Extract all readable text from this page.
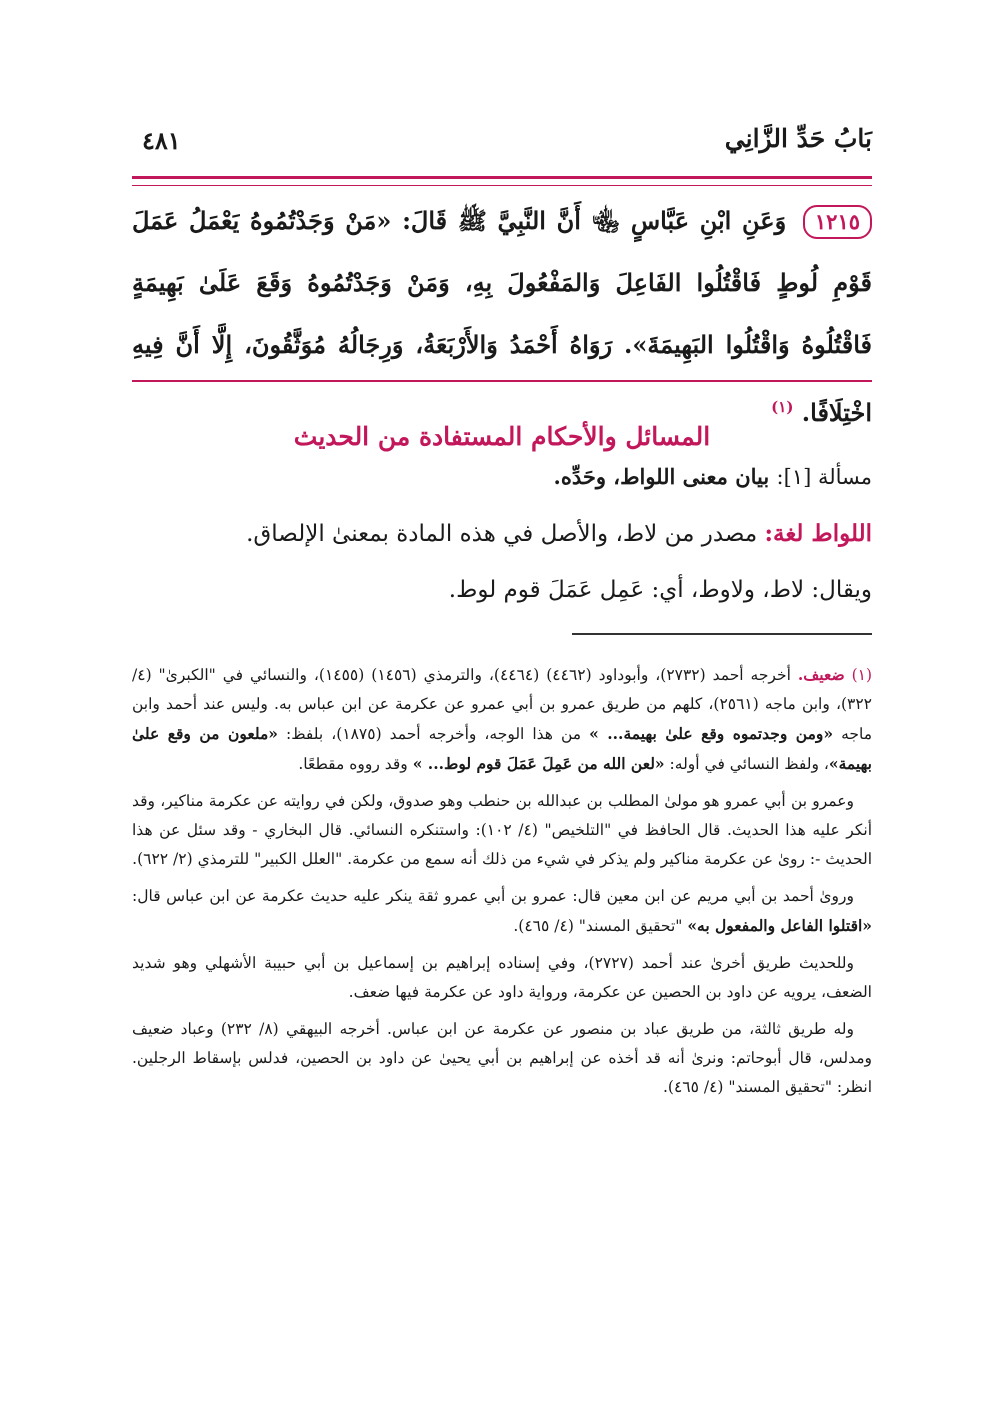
بَابُ حَدِّ الزَّانِي
٤٨١
١٢١٥ وَعَنِ ابْنِ عَبَّاسٍ ﵄ أَنَّ النَّبِيَّ ﷺ قَالَ: «مَنْ وَجَدْتُمُوهُ يَعْمَلُ عَمَلَ قَوْمِ لُوطٍ فَاقْتُلُوا الفَاعِلَ وَالمَفْعُولَ بِهِ، وَمَنْ وَجَدْتُمُوهُ وَقَعَ عَلَىٰ بَهِيمَةٍ فَاقْتُلُوهُ وَاقْتُلُوا البَهِيمَةَ». رَوَاهُ أَحْمَدُ وَالأَرْبَعَةُ، وَرِجَالُهُ مُوَثَّقُونَ، إِلَّا أَنَّ فِيهِ اخْتِلَافًا. $^{(١)}$
المسائل والأحكام المستفادة من الحديث
مسألة [١]: بيان معنى اللواط، وحَدِّه.
اللواط لغة: مصدر من لاط، والأصل في هذه المادة بمعنىٰ الإلصاق.
ويقال: لاط، ولاوط، أي: عَمِل عَمَلَ قوم لوط.

(١) ضعيف. أخرجه أحمد (٢٧٣٢)، وأبوداود (٤٤٦٢) (٤٤٦٤)، والترمذي (١٤٥٦) (١٤٥٥)، والنسائي في "الكبرىٰ" (٤/ ٣٢٢)، وابن ماجه (٢٥٦١)، كلهم من طريق عمرو بن أبي عمرو عن عكرمة عن ابن عباس به. وليس عند أحمد وابن ماجه «ومن وجدتموه وقع علىٰ بهيمة... » من هذا الوجه، وأخرجه أحمد (١٨٧٥)، بلفظ: «ملعون من وقع علىٰ بهيمة»، ولفظ النسائي في أوله: «لعن الله من عَمِلَ عَمَلَ قوم لوط... » وقد رووه مقطعًا.

وعمرو بن أبي عمرو هو مولىٰ المطلب بن عبدالله بن حنطب وهو صدوق، ولكن في روايته عن عكرمة مناكير، وقد أنكر عليه هذا الحديث. قال الحافظ في "التلخيص" (٤/ ١٠٢): واستنكره النسائي. قال البخاري - وقد سئل عن هذا الحديث -: روىٰ عن عكرمة مناكير ولم يذكر في شيء من ذلك أنه سمع من عكرمة. "العلل الكبير" للترمذي (٢/ ٦٢٢).

وروىٰ أحمد بن أبي مريم عن ابن معين قال: عمرو بن أبي عمرو ثقة ينكر عليه حديث عكرمة عن ابن عباس قال: «اقتلوا الفاعل والمفعول به» "تحقيق المسند" (٤/ ٤٦٥).

وللحديث طريق أخرىٰ عند أحمد (٢٧٢٧)، وفي إسناده إبراهيم بن إسماعيل بن أبي حبيبة الأشهلي وهو شديد الضعف، يرويه عن داود بن الحصين عن عكرمة، ورواية داود عن عكرمة فيها ضعف.

وله طريق ثالثة، من طريق عباد بن منصور عن عكرمة عن ابن عباس. أخرجه البيهقي (٨/ ٢٣٢) وعباد ضعيف ومدلس، قال أبوحاتم: ونرىٰ أنه قد أخذه عن إبراهيم بن أبي يحيىٰ عن داود بن الحصين، فدلس بإسقاط الرجلين. انظر: "تحقيق المسند" (٤/ ٤٦٥).
